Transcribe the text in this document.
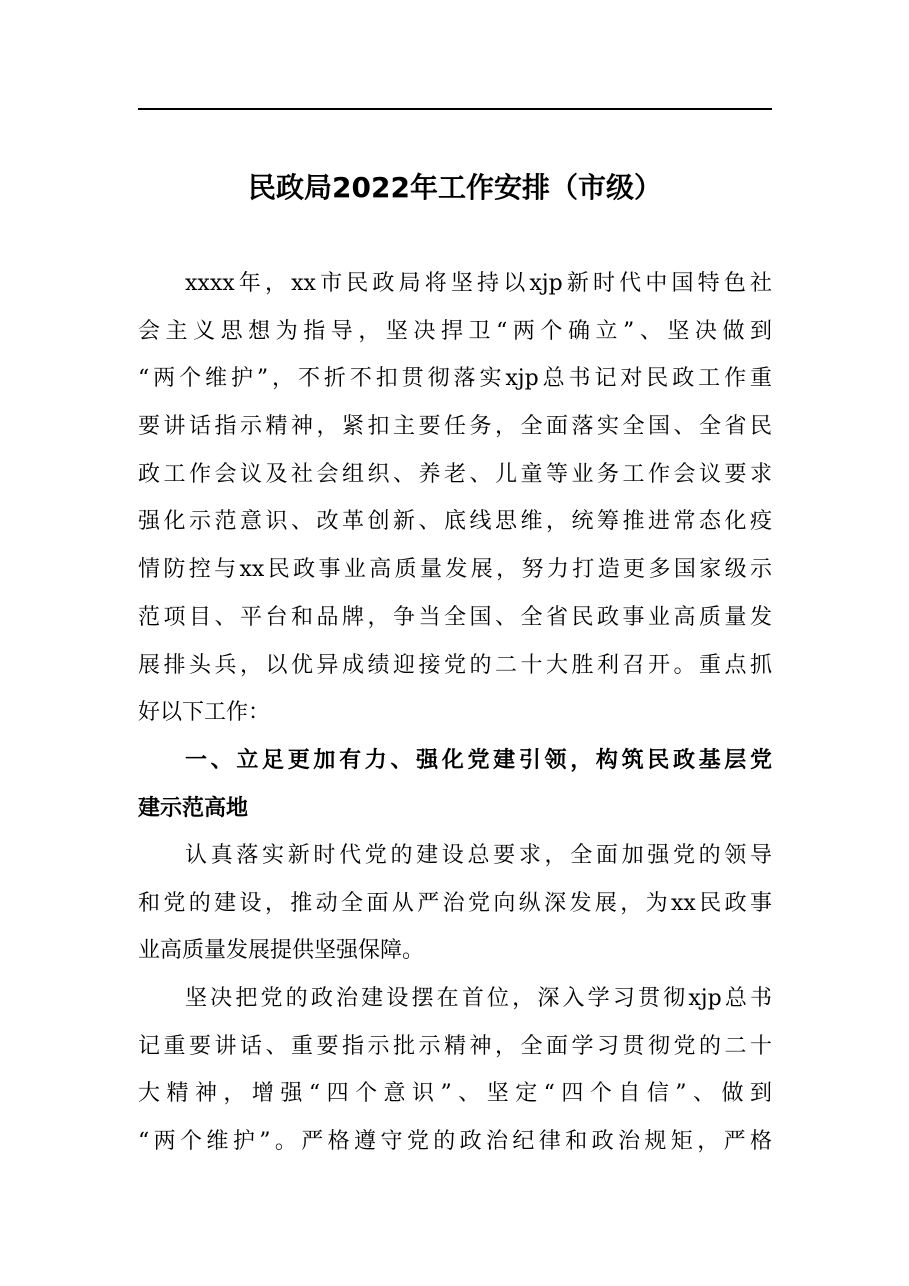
民政局2022年工作安排（市级）
xxxx年，xx市民政局将坚持以xjp新时代中国特色社
会主义思想为指导，坚决捍卫“两个确立”、坚决做到
“两个维护”，不折不扣贯彻落实xjp总书记对民政工作重
要讲话指示精神，紧扣主要任务，全面落实全国、全省民
政工作会议及社会组织、养老、儿童等业务工作会议要求
强化示范意识、改革创新、底线思维，统筹推进常态化疫
情防控与xx民政事业高质量发展，努力打造更多国家级示
范项目、平台和品牌，争当全国、全省民政事业高质量发
展排头兵，以优异成绩迎接党的二十大胜利召开。重点抓
好以下工作：
一、立足更加有力、强化党建引领，构筑民政基层党
建示范高地
认真落实新时代党的建设总要求，全面加强党的领导
和党的建设，推动全面从严治党向纵深发展，为xx民政事
业高质量发展提供坚强保障。
坚决把党的政治建设摆在首位，深入学习贯彻xjp总书
记重要讲话、重要指示批示精神，全面学习贯彻党的二十
大精神，增强“四个意识”、坚定“四个自信”、做到
“两个维护”。严格遵守党的政治纪律和政治规矩，严格
